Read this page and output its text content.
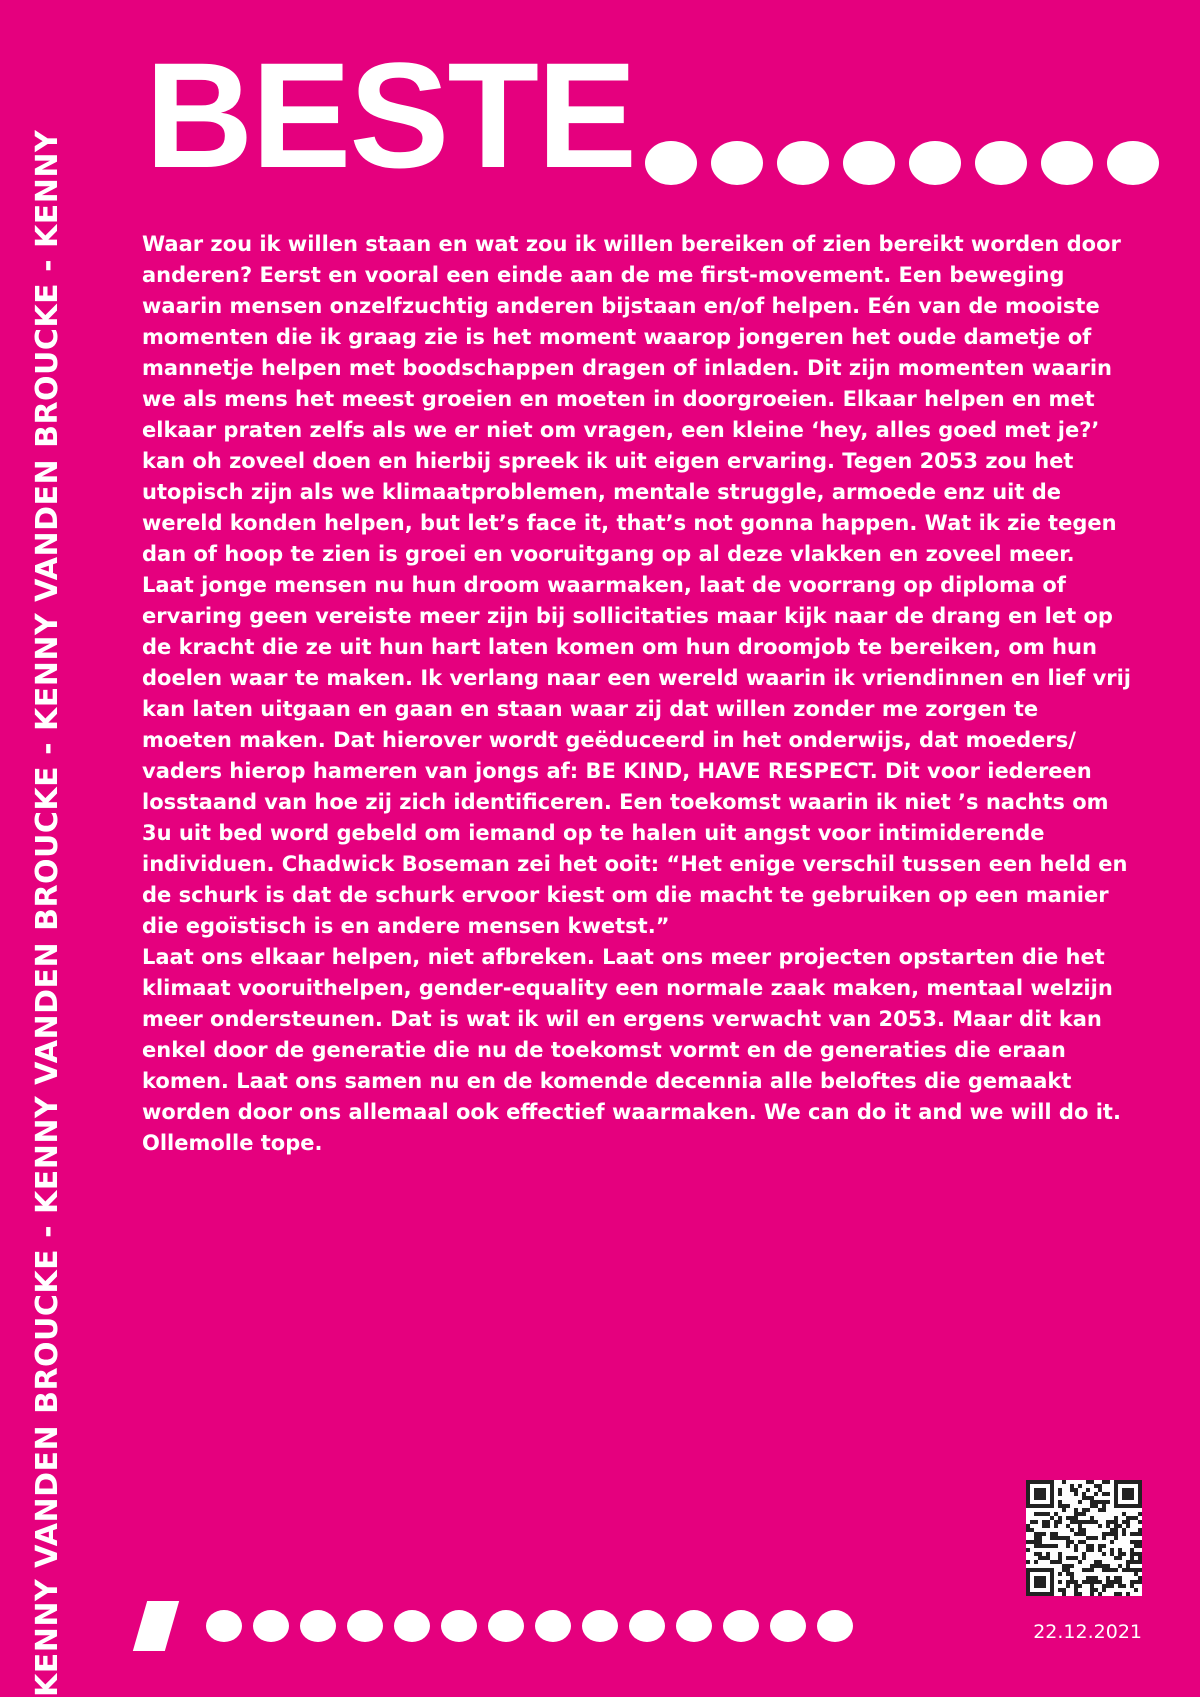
KENNY VANDEN BROUCKE - KENNY VANDEN BROUCKE - KENNY VANDEN BROUCKE - KENNY
BESTE

Waar zou ik willen staan en wat zou ik willen bereiken of zien bereikt worden door anderen? Eerst en vooral een einde aan de me first-movement. Een beweging waarin mensen onzelfzuchtig anderen bijstaan en/of helpen. Eén van de mooiste momenten die ik graag zie is het moment waarop jongeren het oude dametje of mannetje helpen met boodschappen dragen of inladen. Dit zijn momenten waarin we als mens het meest groeien en moeten in doorgroeien. Elkaar helpen en met elkaar praten zelfs als we er niet om vragen, een kleine ‘hey, alles goed met je?’ kan oh zoveel doen en hierbij spreek ik uit eigen ervaring. Tegen 2053 zou het utopisch zijn als we klimaatproblemen, mentale struggle, armoede enz uit de wereld konden helpen, but let’s face it, that’s not gonna happen. Wat ik zie tegen dan of hoop te zien is groei en vooruitgang op al deze vlakken en zoveel meer.

Laat jonge mensen nu hun droom waarmaken, laat de voorrang op diploma of ervaring geen vereiste meer zijn bij sollicitaties maar kijk naar de drang en let op de kracht die ze uit hun hart laten komen om hun droomjob te bereiken, om hun doelen waar te maken. Ik verlang naar een wereld waarin ik vriendinnen en lief vrij kan laten uitgaan en gaan en staan waar zij dat willen zonder me zorgen te moeten maken. Dat hierover wordt geëduceerd in het onderwijs, dat moeders/ vaders hierop hameren van jongs af: BE KIND, HAVE RESPECT. Dit voor iedereen losstaand van hoe zij zich identificeren. Een toekomst waarin ik niet ’s nachts om 3u uit bed word gebeld om iemand op te halen uit angst voor intimiderende individuen. Chadwick Boseman zei het ooit: “Het enige verschil tussen een held en de schurk is dat de schurk ervoor kiest om die macht te gebruiken op een manier die egoïstisch is en andere mensen kwetst.”

Laat ons elkaar helpen, niet afbreken. Laat ons meer projecten opstarten die het klimaat vooruithelpen, gender-equality een normale zaak maken, mentaal welzijn meer ondersteunen. Dat is wat ik wil en ergens verwacht van 2053. Maar dit kan enkel door de generatie die nu de toekomst vormt en de generaties die eraan komen. Laat ons samen nu en de komende decennia alle beloftes die gemaakt worden door ons allemaal ook effectief waarmaken. We can do it and we will do it. Ollemolle tope.

22.12.2021
